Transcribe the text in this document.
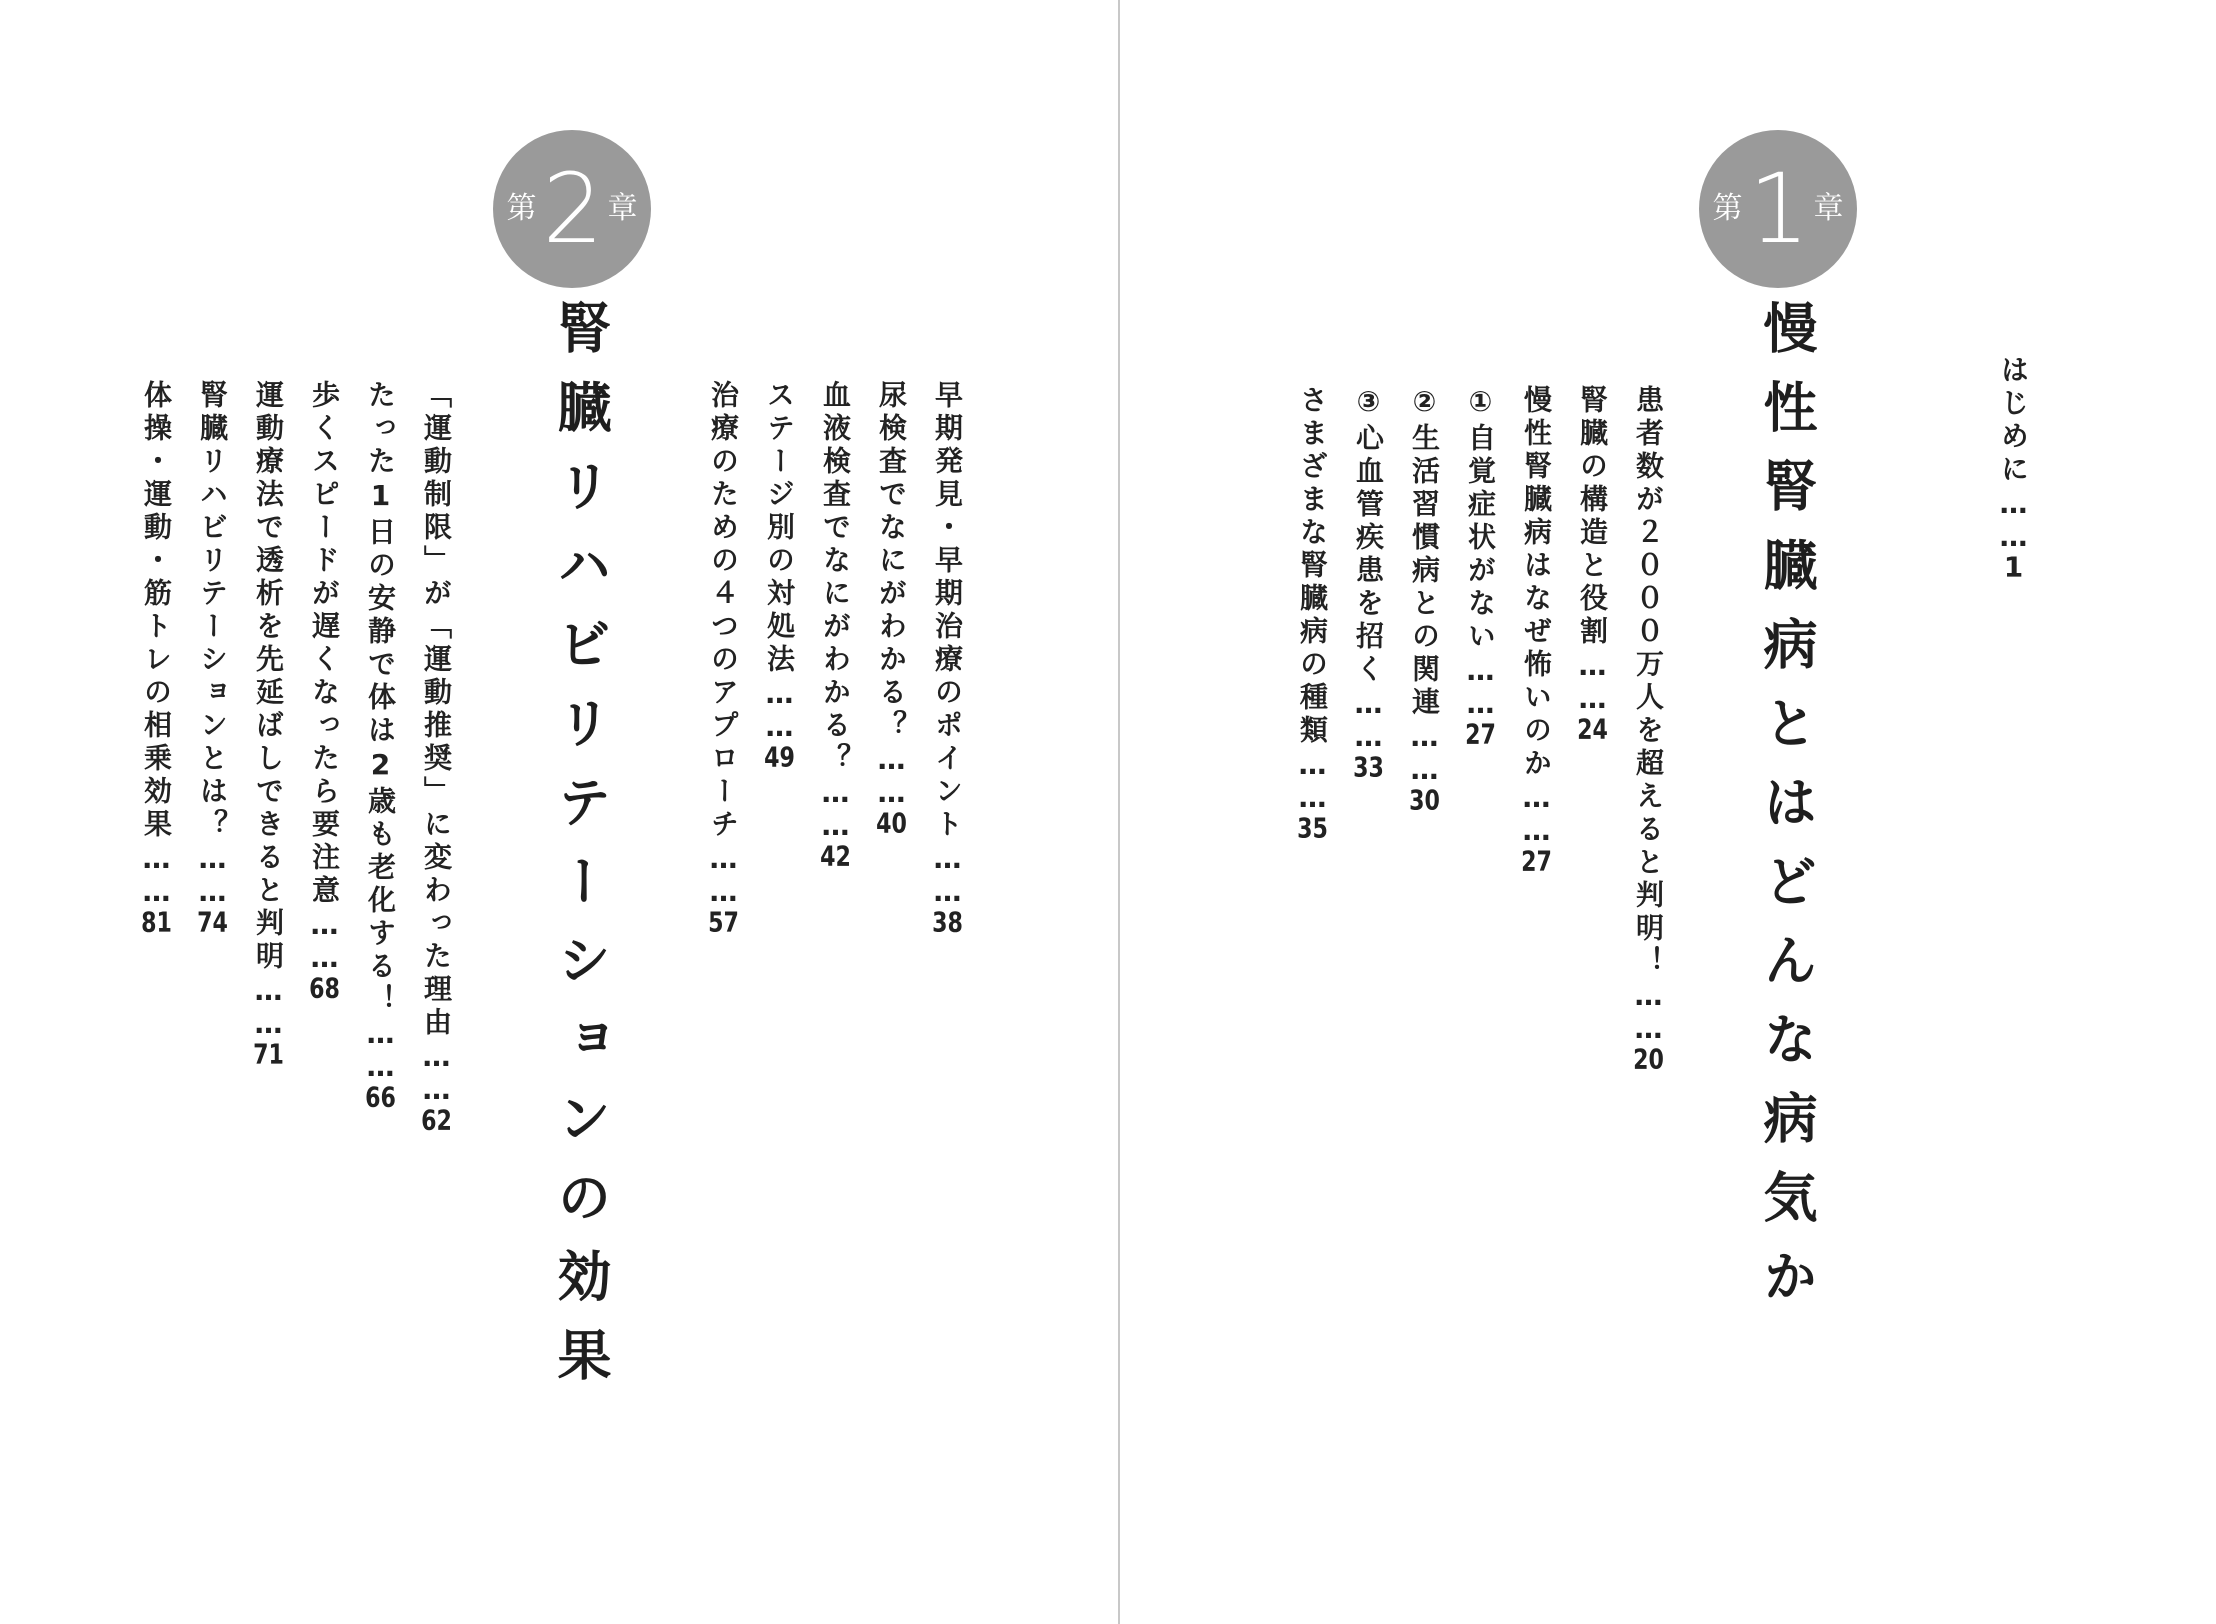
はじめに……1
第 1 章
慢性腎臓病とはどんな病気か
患者数が２０００万人を超えると判明！……20
腎臓の構造と役割……24
慢性腎臓病はなぜ怖いのか……27
①自覚症状がない……27
②生活習慣病との関連……30
③心血管疾患を招く……33
さまざまな腎臓病の種類……35
第 2 章
腎臓リハビリテーションの効果	早期発見・早期治療のポイント……38
尿検査でなにがわかる？……40
血液検査でなにがわかる？……42
ステージ別の対処法……49
治療のための４つのアプローチ……57
「運動制限」が「運動推奨」に変わった理由……62
たった1日の安静で体は2歳も老化する！……66
歩くスピードが遅くなったら要注意……68
運動療法で透析を先延ばしできると判明……71
腎臓リハビリテーションとは？……74
体操・運動・筋トレの相乗効果……81
